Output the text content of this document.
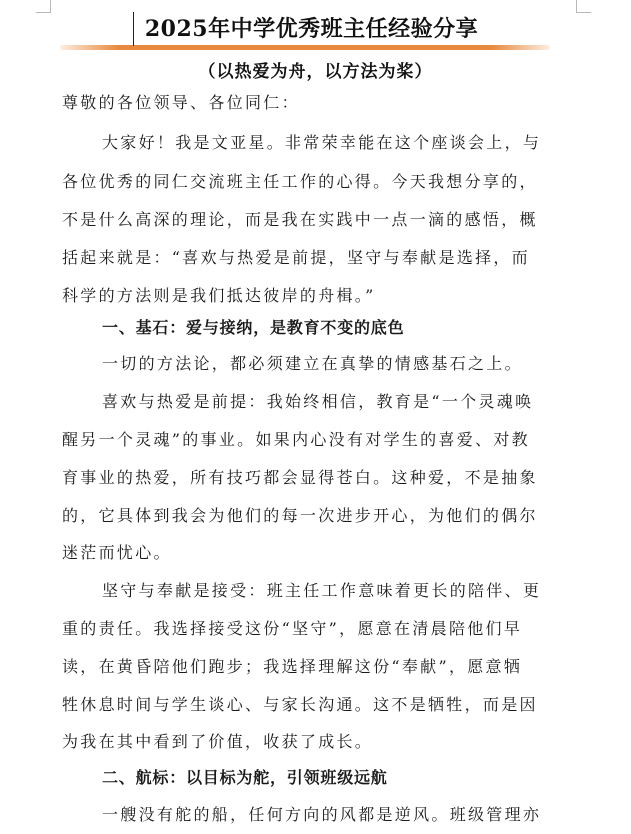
2025年中学优秀班主任经验分享
（以热爱为舟，以方法为桨）
尊敬的各位领导、各位同仁：
大家好！我是文亚星。非常荣幸能在这个座谈会上，与
各位优秀的同仁交流班主任工作的心得。今天我想分享的，
不是什么高深的理论，而是我在实践中一点一滴的感悟，概
括起来就是：“喜欢与热爱是前提，坚守与奉献是选择，而
科学的方法则是我们抵达彼岸的舟楫。”
一、基石：爱与接纳，是教育不变的底色
一切的方法论，都必须建立在真挚的情感基石之上。
喜欢与热爱是前提：我始终相信，教育是“一个灵魂唤
醒另一个灵魂”的事业。如果内心没有对学生的喜爱、对教
育事业的热爱，所有技巧都会显得苍白。这种爱，不是抽象
的，它具体到我会为他们的每一次进步开心，为他们的偶尔
迷茫而忧心。
坚守与奉献是接受：班主任工作意味着更长的陪伴、更
重的责任。我选择接受这份“坚守”，愿意在清晨陪他们早
读，在黄昏陪他们跑步；我选择理解这份“奉献”，愿意牺
牲休息时间与学生谈心、与家长沟通。这不是牺牲，而是因
为我在其中看到了价值，收获了成长。
二、航标：以目标为舵，引领班级远航
一艘没有舵的船，任何方向的风都是逆风。班级管理亦
